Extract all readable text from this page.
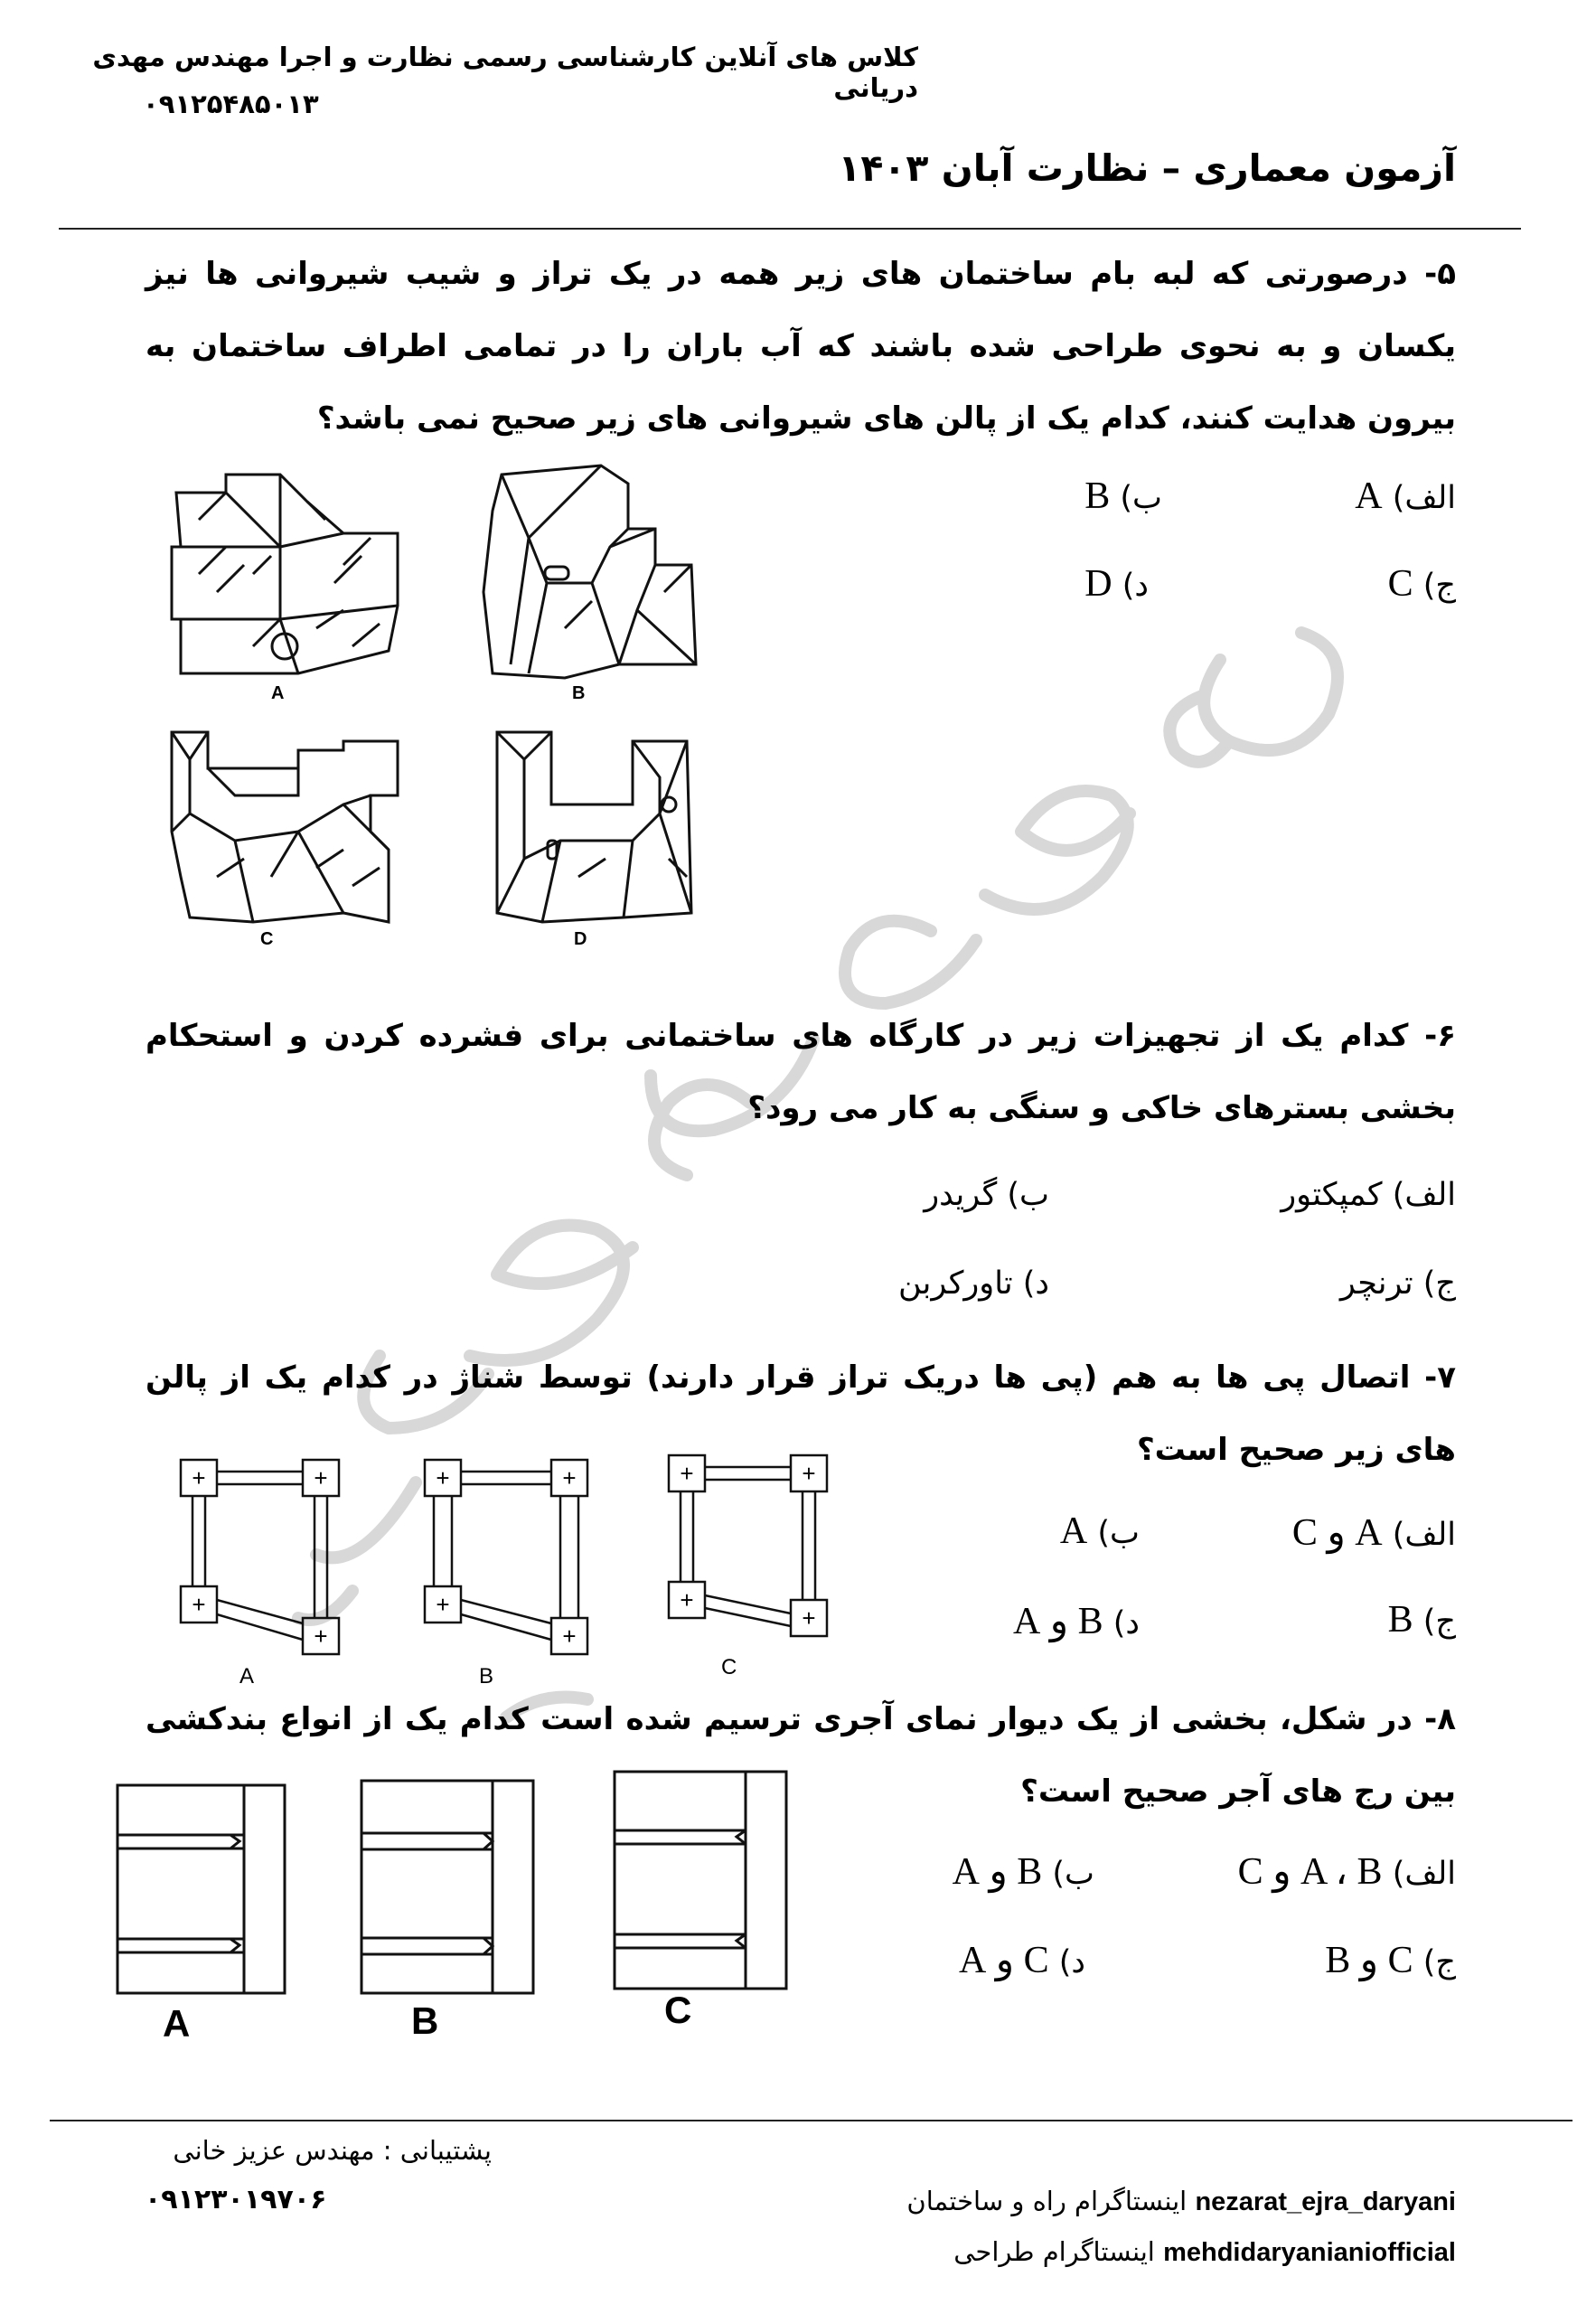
کلاس های آنلاین کارشناسی رسمی نظارت و اجرا مهندس مهدی دریانی
۰۹۱۲۵۴۸۵۰۱۳
آزمون معماری – نظارت آبان ۱۴۰۳
۵- درصورتی که لبه بام ساختمان های زیر همه در یک تراز و شیب شیروانی ها نیز یکسان و به نحوی طراحی شده باشند که آب باران را در تمامی اطراف ساختمان به بیرون هدایت کنند، کدام یک از پالن های شیروانی های زیر صحیح نمی باشد؟
الف) A
ب) B
ج) C
د) D
A	B
C	D
۶- کدام یک از تجهیزات زیر در کارگاه های ساختمانی برای فشرده کردن و استحکام بخشی بسترهای خاکی و سنگی به کار می رود؟
الف) کمپکتور
ب) گریدر
ج) ترنچر
د) تاورکربن
۷- اتصال پی ها به هم (پی ها دریک تراز قرار دارند) توسط شناژ در کدام یک از پالن های زیر صحیح است؟
الف) A و C
ب) A
ج) B
د) B و A
+	+
+
+
A
+	+
+
+
B
+	+
+
+
C
۸- در شکل، بخشی از یک دیوار نمای آجری ترسیم شده است کدام یک از انواع بندکشی بین رج های آجر صحیح است؟
الف) A ، B و C
ب) B و A
ج) C و B
د) C و A
A	B	C
پشتیبانی : مهندس عزیز خانی
۰۹۱۲۳۰۱۹۷۰۶	nezarat_ejra_daryani اینستاگرام راه و ساختمان
mehdidaryanianiofficial اینستاگرام طراحی
